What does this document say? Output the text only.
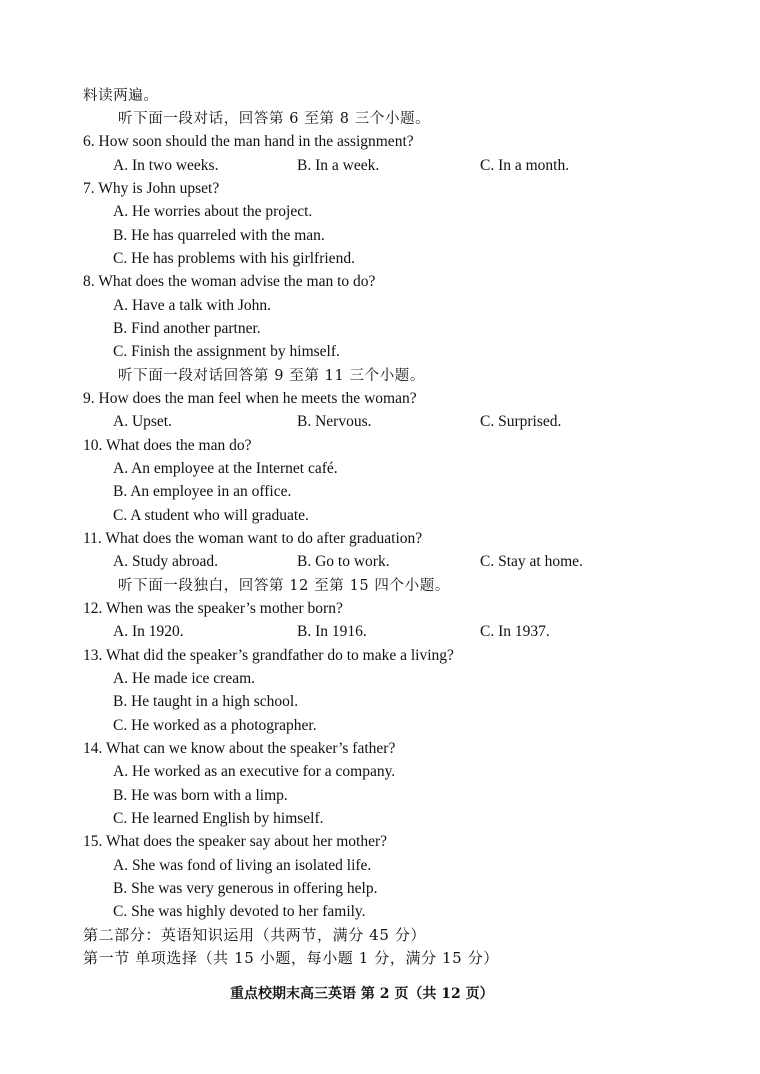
料读两遍。
听下面一段对话，回答第 6 至第 8 三个小题。
6. How soon should the man hand in the assignment?
A. In two weeks.	B. In a week.	C. In a month.
7. Why is John upset?
A. He worries about the project.
B. He has quarreled with the man.
C. He has problems with his girlfriend.
8. What does the woman advise the man to do?
A. Have a talk with John.
B. Find another partner.
C. Finish the assignment by himself.
听下面一段对话回答第 9 至第 11 三个小题。
9. How does the man feel when he meets the woman?
A. Upset.	B. Nervous.	C. Surprised.
10. What does the man do?
A. An employee at the Internet café.
B. An employee in an office.
C. A student who will graduate.
11. What does the woman want to do after graduation?
A. Study abroad.	B. Go to work.	C. Stay at home.
听下面一段独白，回答第 12 至第 15 四个小题。
12. When was the speaker’s mother born?
A. In 1920.	B. In 1916.	C. In 1937.
13. What did the speaker’s grandfather do to make a living?
A. He made ice cream.
B. He taught in a high school.
C. He worked as a photographer.
14. What can we know about the speaker’s father?
A. He worked as an executive for a company.
B. He was born with a limp.
C. He learned English by himself.
15. What does the speaker say about her mother?
A. She was fond of living an isolated life.
B. She was very generous in offering help.
C. She was highly devoted to her family.
第二部分：英语知识运用（共两节，满分 45 分）
第一节 单项选择（共 15 小题，每小题 1 分，满分 15 分）
重点校期末高三英语 第 2 页（共 12 页）
